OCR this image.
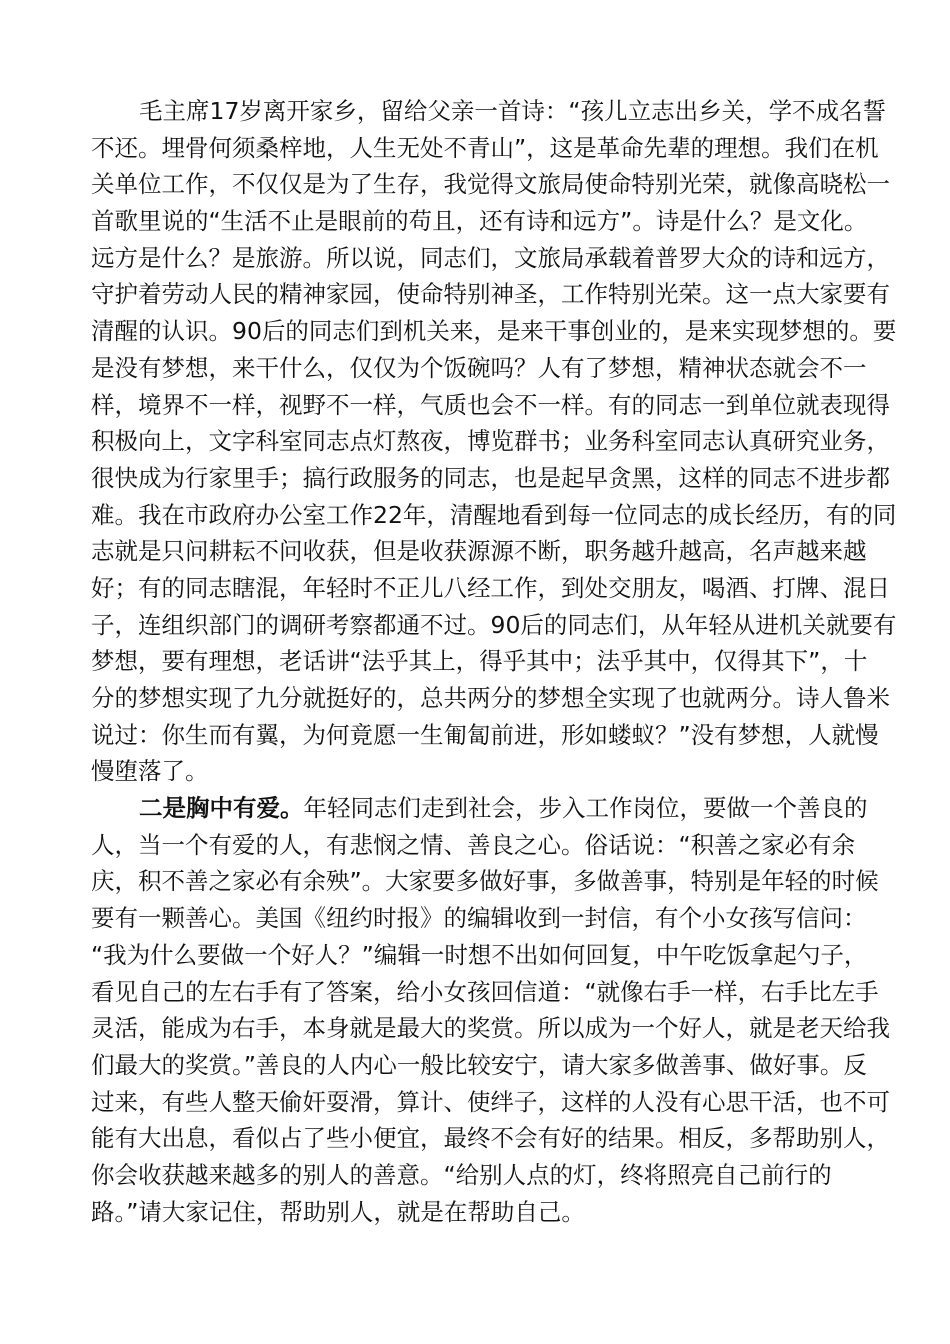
毛主席17岁离开家乡，留给父亲一首诗：“孩儿立志出乡关，学不成名誓
不还。埋骨何须桑梓地，人生无处不青山”，这是革命先辈的理想。我们在机
关单位工作，不仅仅是为了生存，我觉得文旅局使命特别光荣，就像高晓松一
首歌里说的“生活不止是眼前的苟且，还有诗和远方”。诗是什么？是文化。
远方是什么？是旅游。所以说，同志们，文旅局承载着普罗大众的诗和远方，
守护着劳动人民的精神家园，使命特别神圣，工作特别光荣。这一点大家要有
清醒的认识。90后的同志们到机关来，是来干事创业的，是来实现梦想的。要
是没有梦想，来干什么，仅仅为个饭碗吗？人有了梦想，精神状态就会不一
样，境界不一样，视野不一样，气质也会不一样。有的同志一到单位就表现得
积极向上，文字科室同志点灯熬夜，博览群书；业务科室同志认真研究业务，
很快成为行家里手；搞行政服务的同志，也是起早贪黑，这样的同志不进步都
难。我在市政府办公室工作22年，清醒地看到每一位同志的成长经历，有的同
志就是只问耕耘不问收获，但是收获源源不断，职务越升越高，名声越来越
好；有的同志瞎混，年轻时不正儿八经工作，到处交朋友，喝酒、打牌、混日
子，连组织部门的调研考察都通不过。90后的同志们，从年轻从进机关就要有
梦想，要有理想，老话讲“法乎其上，得乎其中；法乎其中，仅得其下”，十
分的梦想实现了九分就挺好的，总共两分的梦想全实现了也就两分。诗人鲁米
说过：你生而有翼，为何竟愿一生匍匐前进，形如蝼蚁？”没有梦想，人就慢
慢堕落了。
二是胸中有爱。年轻同志们走到社会，步入工作岗位，要做一个善良的
人，当一个有爱的人，有悲悯之情、善良之心。俗话说：“积善之家必有余
庆，积不善之家必有余殃”。大家要多做好事，多做善事，特别是年轻的时候
要有一颗善心。美国《纽约时报》的编辑收到一封信，有个小女孩写信问：
“我为什么要做一个好人？”编辑一时想不出如何回复，中午吃饭拿起勺子，
看见自己的左右手有了答案，给小女孩回信道：“就像右手一样，右手比左手
灵活，能成为右手，本身就是最大的奖赏。所以成为一个好人，就是老天给我
们最大的奖赏。”善良的人内心一般比较安宁，请大家多做善事、做好事。反
过来，有些人整天偷奸耍滑，算计、使绊子，这样的人没有心思干活，也不可
能有大出息，看似占了些小便宜，最终不会有好的结果。相反，多帮助别人，
你会收获越来越多的别人的善意。“给别人点的灯，终将照亮自己前行的
路。”请大家记住，帮助别人，就是在帮助自己。
